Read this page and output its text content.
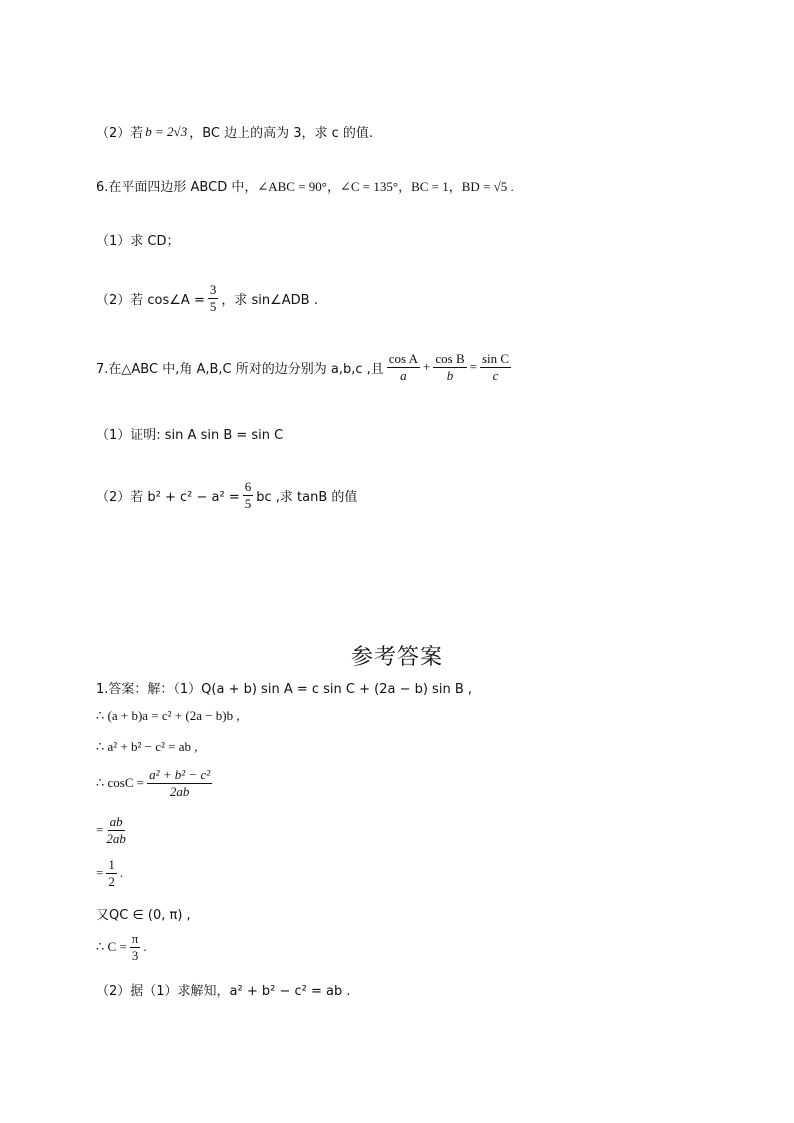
（2）若 b = 2√3 ，BC 边上的高为 3，求 c 的值.
6.在平面四边形 ABCD 中， ∠ABC = 90°，∠C = 135°，BC = 1，BD = √5 .
（1）求 CD；
（2）若 cos∠A = $\frac{3}{5}$ ，求 sin∠ADB .
7.在△ABC 中,角 A,B,C 所对的边分别为 a,b,c ,且 $\frac{\text{cos A}}{a} + \frac{\text{cos B}}{b} = \frac{\text{sin C}}{c}$
（1）证明: sin A sin B = sin C
（2）若 $b^2 + c^2 - a^2 = \frac{6}{5}$ bc ,求 tanB 的值
参考答案
1.答案：解：（1）Q(a + b) sin A = c sin C + (2a − b) sin B ,
∴ (a + b)a = c² + (2a − b)b ,
∴ a² + b² − c² = ab ,
∴ $\cos C = \frac{\text{a² + b² − c²}}{2ab}$
= $\frac{ab}{2ab}$
= $\frac{1}{2}$ .
又QC ∈ (0, π) ,
∴ $C = \frac{\pi}{3}$ .
（2）据（1）求解知，a² + b² − c² = ab .
